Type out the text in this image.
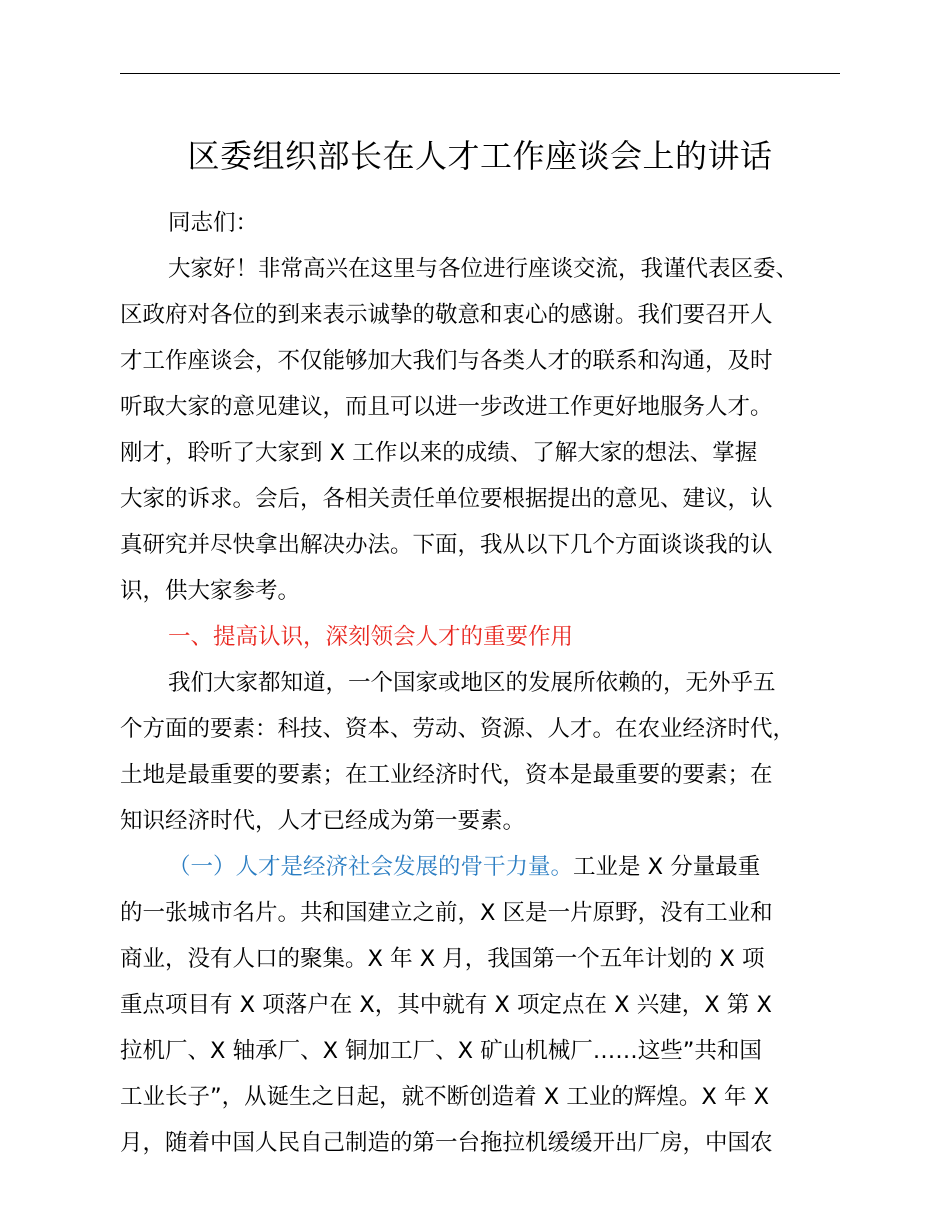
区委组织部长在人才工作座谈会上的讲话
同志们：
大家好！非常高兴在这里与各位进行座谈交流，我谨代表区委、
区政府对各位的到来表示诚挚的敬意和衷心的感谢。我们要召开人
才工作座谈会，不仅能够加大我们与各类人才的联系和沟通，及时
听取大家的意见建议，而且可以进一步改进工作更好地服务人才。
刚才，聆听了大家到 X 工作以来的成绩、了解大家的想法、掌握
大家的诉求。会后，各相关责任单位要根据提出的意见、建议，认
真研究并尽快拿出解决办法。下面，我从以下几个方面谈谈我的认
识，供大家参考。
一、提高认识，深刻领会人才的重要作用
我们大家都知道，一个国家或地区的发展所依赖的，无外乎五
个方面的要素：科技、资本、劳动、资源、人才。在农业经济时代，
土地是最重要的要素；在工业经济时代，资本是最重要的要素；在
知识经济时代，人才已经成为第一要素。
（一）人才是经济社会发展的骨干力量。工业是 X 分量最重
的一张城市名片。共和国建立之前，X 区是一片原野，没有工业和
商业，没有人口的聚集。X 年 X 月，我国第一个五年计划的 X 项
重点项目有 X 项落户在 X，其中就有 X 项定点在 X 兴建，X 第 X
拉机厂、X 轴承厂、X 铜加工厂、X 矿山机械厂……这些”共和国
工业长子”，从诞生之日起，就不断创造着 X 工业的辉煌。X 年 X
月，随着中国人民自己制造的第一台拖拉机缓缓开出厂房，中国农
